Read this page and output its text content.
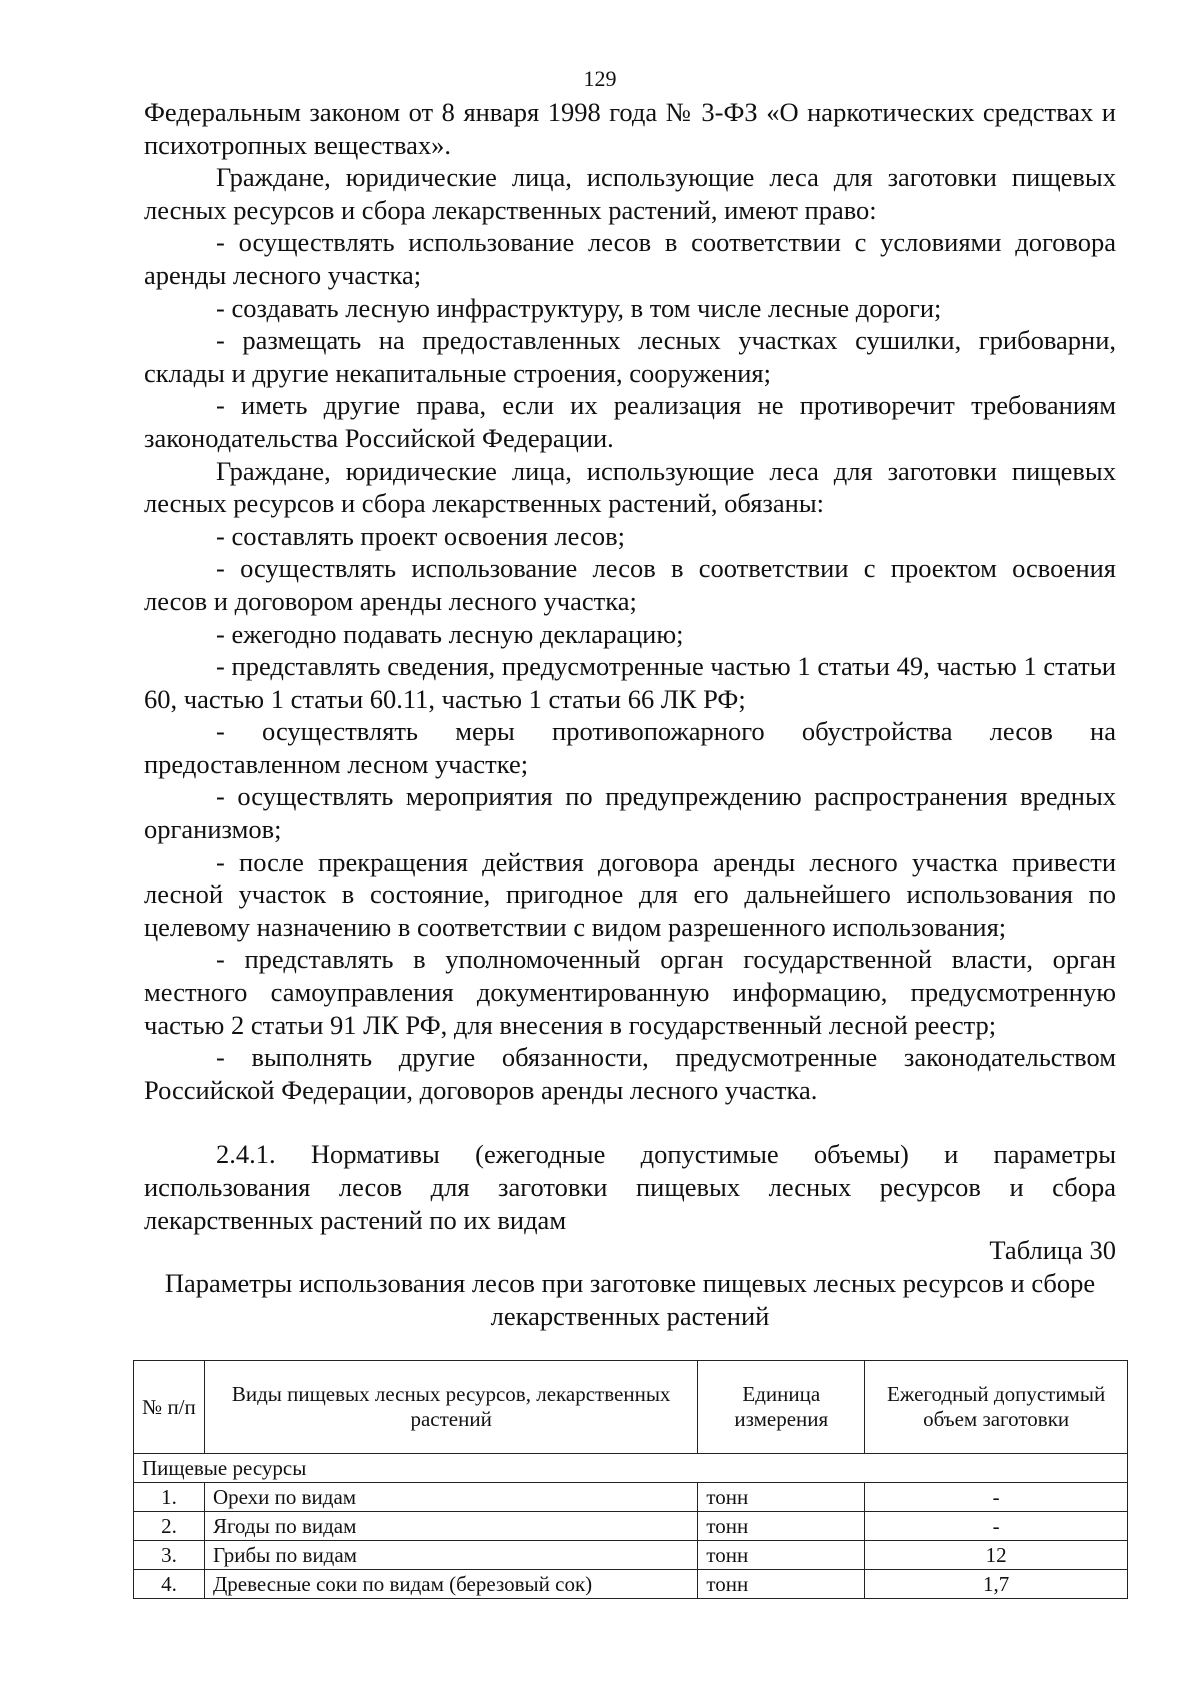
129

Федеральным законом от 8 января 1998 года № 3-ФЗ «О наркотических средствах и психотропных веществах».

Граждане, юридические лица, использующие леса для заготовки пищевых лесных ресурсов и сбора лекарственных растений, имеют право:

- осуществлять использование лесов в соответствии с условиями договора аренды лесного участка;

- создавать лесную инфраструктуру, в том числе лесные дороги;

- размещать на предоставленных лесных участках сушилки, грибоварни, склады и другие некапитальные строения, сооружения;

- иметь другие права, если их реализация не противоречит требованиям законодательства Российской Федерации.

Граждане, юридические лица, использующие леса для заготовки пищевых лесных ресурсов и сбора лекарственных растений, обязаны:

- составлять проект освоения лесов;

- осуществлять использование лесов в соответствии с проектом освоения лесов и договором аренды лесного участка;

- ежегодно подавать лесную декларацию;

- представлять сведения, предусмотренные частью 1 статьи 49, частью 1 статьи 60, частью 1 статьи 60.11, частью 1 статьи 66 ЛК РФ;

- осуществлять меры противопожарного обустройства лесов на предоставленном лесном участке;

- осуществлять мероприятия по предупреждению распространения вредных организмов;

- после прекращения действия договора аренды лесного участка привести лесной участок в состояние, пригодное для его дальнейшего использования по целевому назначению в соответствии с видом разрешенного использования;

- представлять в уполномоченный орган государственной власти, орган местного самоуправления документированную информацию, предусмотренную частью 2 статьи 91 ЛК РФ, для внесения в государственный лесной реестр;

- выполнять другие обязанности, предусмотренные законодательством Российской Федерации, договоров аренды лесного участка.

2.4.1. Нормативы (ежегодные допустимые объемы) и параметры использования лесов для заготовки пищевых лесных ресурсов и сбора лекарственных растений по их видам

Таблица 30
Параметры использования лесов при заготовке пищевых лесных ресурсов и сборе лекарственных растений
№ п/п	Виды пищевых лесных ресурсов, лекарственных растений	Единица измерения	Ежегодный допустимый объем заготовки
Пищевые ресурсы			
1.	Орехи по видам	тонн	-
2.	Ягоды по видам	тонн	-
3.	Грибы по видам	тонн	12
4.	Древесные соки по видам (березовый сок)	тонн	1,7
